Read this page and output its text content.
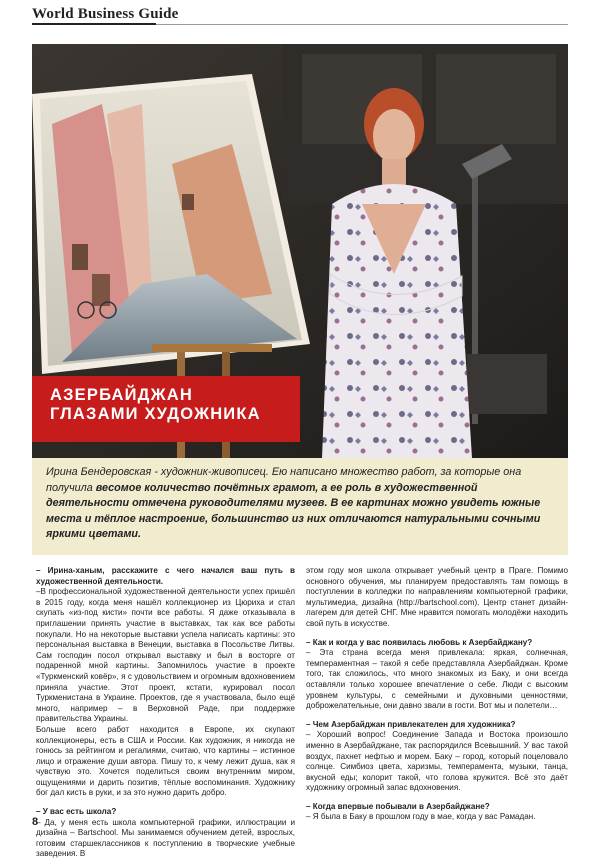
World Business Guide
АЗЕРБАЙДЖАН
ГЛАЗАМИ ХУДОЖНИКА
Ирина Бендеровская - художник-живописец. Ею написано множество работ, за которые она получила весомое количество почётных грамот, а ее роль в художественной деятельности отмечена руководителями музеев. В ее картинах можно увидеть южные места и тёплое настроение, большинство из них отличаются натуральными сочными яркими цветами.

– Ирина-ханым, расскажите с чего начался ваш путь в художественной деятельности.

–В профессиональной художественной деятельности успех пришёл в 2015 году, когда меня нашёл коллекционер из Цюриха и стал скупать «из-под кисти» почти все работы. Я даже отказывалa в приглашении принять участие в выставках, так как все работы покупали. Но на некоторые выставки успела написать картины: это персональная выставка в Венеции, выставка в Посольстве Литвы. Сам господин посол открывал выставку и был в восторге от подаренной мной картины. Запомнилось участие в проекте «Туркменский ковёр», я с удовольствием и огромным вдохновением приняла участие. Этот проект, кстати, курировал посол Туркменистана в Украине. Проектов, где я участвовала, было ещё много, например – в Верховной Раде, при поддержке правительства Украины.

Больше всего работ находится в Европе, их скупают коллекционеры, есть в США и России. Как художник, я никогда не гонюсь за рейтингом и регалиями, считаю, что картины – истинное лицо и отражение души автора. Пишу то, к чему лежит душа, как я чувствую это. Хочется поделиться своим внутренним миром, ощущениями и дарить позитив, тёплые воспоминания. Художнику бог дал кисть в руки, и за это нужно дарить добро.

– У вас есть школа?

– Да, у меня есть школа компьютерной графики, иллюстрации и дизайна – Bartschool. Мы занимаемся обучением детей, взрослых, готовим старшеклассников к поступлению в творческие учебные заведения. В

этом году моя школа открывает учебный центр в Праге. Помимо основного обучения, мы планируем предоставлять там помощь в поступлении в колледжи по направлениям компьютерной графики, мультимедиа, дизайна (http://bartschool.com). Центр станет дизайн-лагерем для детей СНГ. Мне нравится помогать молодёжи находить свой путь в искусстве.

– Как и когда у вас появилась любовь к Азербайджану?

– Эта страна всегда меня привлекала: яркая, солнечная, темпераментная – такой я себе представляла Азербайджан. Кроме того, так сложилось, что много знакомых из Баку, и они всегда оставляли только хорошее впечатление о себе. Люди с высоким уровнем культуры, с семейными и духовными ценностями, доброжелательные, они давно звали в гости. Вот мы и полетели…

– Чем Азербайджан привлекателен для художника?

– Хороший вопрос! Соединение Запада и Востока произошло именно в Азербайджане, так распорядился Всевышний. У вас такой воздух, пахнет нефтью и морем. Баку – город, который поцеловало солнце. Симбиоз цвета, харизмы, темперамента, музыки, танца, вкусной еды; колорит такой, что голова кружится. Всё это даёт художнику огромный запас вдохновения.

– Когда впервые побывали в Азербайджане?

– Я была в Баку в прошлом году в мае, когда у вас Рамадан.

8
